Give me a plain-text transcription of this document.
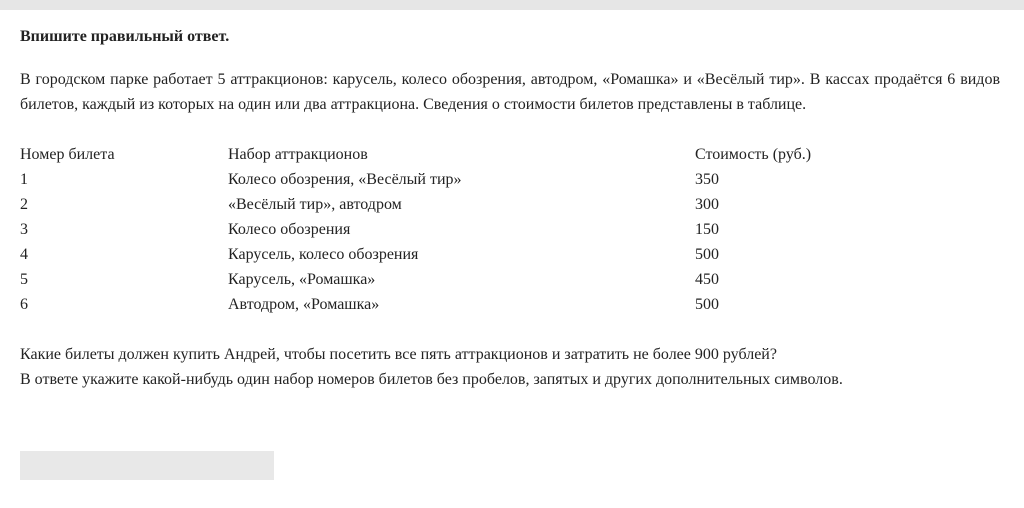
Впишите правильный ответ.

В городском парке работает 5 аттракционов: карусель, колесо обозрения, автодром, «Ромашка» и «Весёлый тир». В кассах продаётся 6 видов билетов, каждый из которых на один или два аттракциона. Сведения о стоимости билетов представлены в таблице.

Номер билета	Набор аттракционов	Стоимость (руб.)
1	Колесо обозрения, «Весёлый тир»	350
2	«Весёлый тир», автодром	300
3	Колесо обозрения	150
4	Карусель, колесо обозрения	500
5	Карусель, «Ромашка»	450
6	Автодром, «Ромашка»	500

Какие билеты должен купить Андрей, чтобы посетить все пять аттракционов и затратить не более 900 рублей?
В ответе укажите какой-нибудь один набор номеров билетов без пробелов, запятых и других дополнительных символов.
